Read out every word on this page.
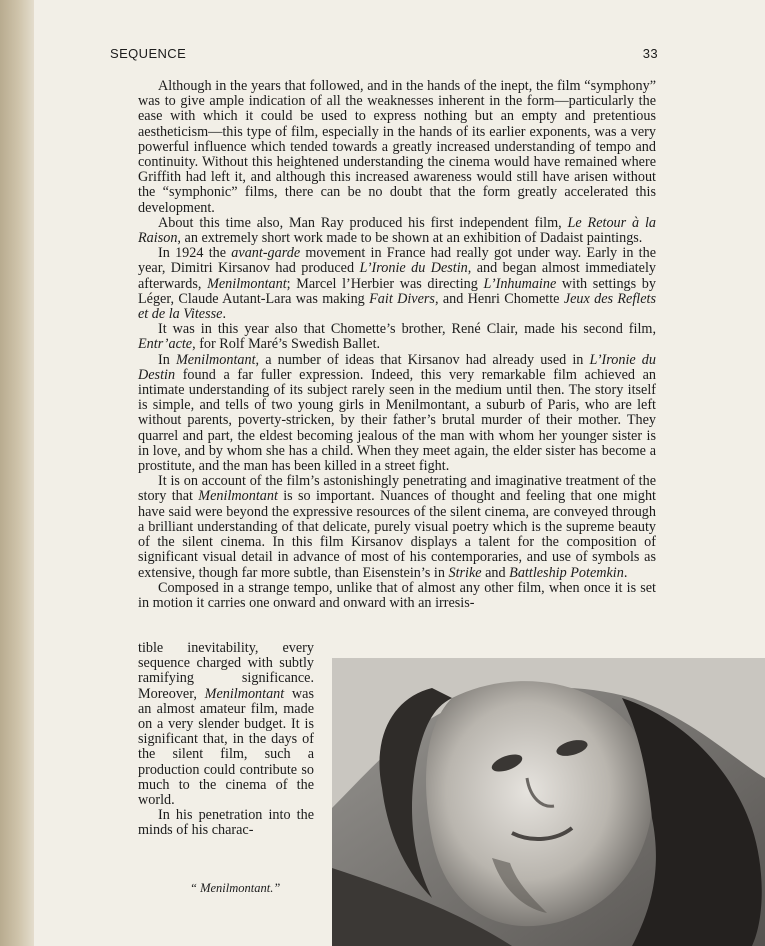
SEQUENCE	33

Although in the years that followed, and in the hands of the inept, the film “symphony” was to give ample indication of all the weaknesses inherent in the form—particularly the ease with which it could be used to express nothing but an empty and pretentious aestheticism—this type of film, especially in the hands of its earlier exponents, was a very powerful influence which tended towards a greatly increased understanding of tempo and continuity. Without this heightened understanding the cinema would have remained where Griffith had left it, and although this increased awareness would still have arisen without the “symphonic” films, there can be no doubt that the form greatly accelerated this development.

About this time also, Man Ray produced his first independent film, Le Retour à la Raison, an extremely short work made to be shown at an exhibition of Dadaist paintings.

In 1924 the avant-garde movement in France had really got under way. Early in the year, Dimitri Kirsanov had produced L’Ironie du Destin, and began almost immediately afterwards, Menilmontant; Marcel l’Herbier was directing L’Inhumaine with settings by Léger, Claude Autant-Lara was making Fait Divers, and Henri Chomette Jeux des Reflets et de la Vitesse.

It was in this year also that Chomette’s brother, René Clair, made his second film, Entr’acte, for Rolf Maré’s Swedish Ballet.

In Menilmontant, a number of ideas that Kirsanov had already used in L’Ironie du Destin found a far fuller expression. Indeed, this very remarkable film achieved an intimate understanding of its subject rarely seen in the medium until then. The story itself is simple, and tells of two young girls in Menilmontant, a suburb of Paris, who are left without parents, poverty-stricken, by their father’s brutal murder of their mother. They quarrel and part, the eldest becoming jealous of the man with whom her younger sister is in love, and by whom she has a child. When they meet again, the elder sister has become a prostitute, and the man has been killed in a street fight.

It is on account of the film’s astonishingly penetrating and imaginative treatment of the story that Menilmontant is so important. Nuances of thought and feeling that one might have said were beyond the expressive resources of the silent cinema, are conveyed through a brilliant understanding of that delicate, purely visual poetry which is the supreme beauty of the silent cinema. In this film Kirsanov displays a talent for the composition of significant visual detail in advance of most of his contemporaries, and use of symbols as extensive, though far more subtle, than Eisenstein’s in Strike and Battleship Potemkin.

Composed in a strange tempo, unlike that of almost any other film, when once it is set in motion it carries one onward and onward with an irresis-

tible inevitability, every sequence charged with subtly ramifying significance. Moreover, Menilmontant was an almost amateur film, made on a very slender budget. It is significant that, in the days of the silent film, such a production could contribute so much to the cinema of the world.

In his penetration into the minds of his charac-

“ Menilmontant.”
